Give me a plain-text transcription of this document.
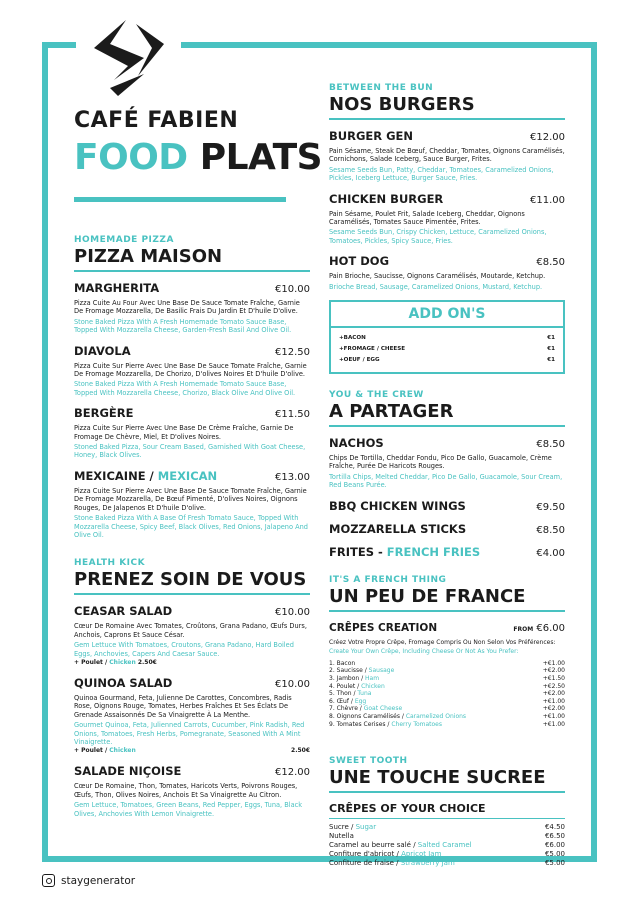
CAFÉ FABIEN
FOOD PLATS
HOMEMADE PIZZA
PIZZA MAISON
MARGHERITA	€10.00
Pizza Cuite Au Four Avec Une Base De Sauce Tomate Fraîche, Garnie De Fromage Mozzarella, De Basilic Frais Du Jardin Et D'huile D'olive.
Stone Baked Pizza With A Fresh Homemade Tomato Sauce Base, Topped With Mozzarella Cheese, Garden-Fresh Basil And Olive Oil.
DIAVOLA	€12.50
Pizza Cuite Sur Pierre Avec Une Base De Sauce Tomate Fraîche, Garnie De Fromage Mozzarella, De Chorizo, D'olives Noires Et D'huile D'olive.
Stone Baked Pizza With A Fresh Homemade Tomato Sauce Base, Topped With Mozzarella Cheese, Chorizo, Black Olive And Olive Oil.
BERGÈRE	€11.50
Pizza Cuite Sur Pierre Avec Une Base De Crème Fraîche, Garnie De Fromage De Chèvre, Miel, Et D'olives Noires.
Stoned Baked Pizza, Sour Cream Based, Garnished With Goat Cheese, Honey, Black Olives.
MEXICAINE / MEXICAN	€13.00
Pizza Cuite Sur Pierre Avec Une Base De Sauce Tomate Fraîche, Garnie De Fromage Mozzarella, De Bœuf Pimenté, D'olives Noires, Oignons Rouges, De Jalapenos Et D'huile D'olive.
Stone Baked Pizza With A Base Of Fresh Tomato Sauce, Topped With Mozzarella Cheese, Spicy Beef, Black Olives, Red Onions, Jalapeno And Olive Oil.
HEALTH KICK
PRENEZ SOIN DE VOUS
CEASAR SALAD	€10.00
Cœur De Romaine Avec Tomates, Croûtons, Grana Padano, Œufs Durs, Anchois, Caprons Et Sauce César.
Gem Lettuce With Tomatoes, Croutons, Grana Padano, Hard Boiled Eggs, Anchovies, Capers And Caesar Sauce.
+ Poulet / Chicken 2.50€
QUINOA SALAD	€10.00
Quinoa Gourmand, Feta, Julienne De Carottes, Concombres, Radis Rose, Oignons Rouge, Tomates, Herbes Fraîches Et Ses Éclats De Grenade Assaisonnés De Sa Vinaigrette À La Menthe.
Gourmet Quinoa, Feta, Julienned Carrots, Cucumber, Pink Radish, Red Onions, Tomatoes, Fresh Herbs, Pomegranate, Seasoned With A Mint Vinaigrette.
+ Poulet / Chicken	2.50€
SALADE NIÇOISE	€12.00
Cœur De Romaine, Thon, Tomates, Haricots Verts, Poivrons Rouges, Œufs, Thon, Olives Noires, Anchois Et Sa Vinaigrette Au Citron.
Gem Lettuce, Tomatoes, Green Beans, Red Pepper, Eggs, Tuna, Black Olives, Anchovies With Lemon Vinaigrette.
BETWEEN THE BUN
NOS BURGERS
BURGER GEN	€12.00
Pain Sésame, Steak De Bœuf, Cheddar, Tomates, Oignons Caramélisés, Cornichons, Salade Iceberg, Sauce Burger, Frites.
Sesame Seeds Bun, Patty, Cheddar, Tomatoes, Caramelized Onions, Pickles, Iceberg Lettuce, Burger Sauce, Fries.
CHICKEN BURGER	€11.00
Pain Sésame, Poulet Frit, Salade Iceberg, Cheddar, Oignons Caramélisés, Tomates Sauce Pimentée, Frites.
Sesame Seeds Bun, Crispy Chicken, Lettuce, Caramelized Onions, Tomatoes, Pickles, Spicy Sauce, Fries.
HOT DOG	€8.50
Pain Brioche, Saucisse, Oignons Caramélisés, Moutarde, Ketchup.
Brioche Bread, Sausage, Caramelized Onions, Mustard, Ketchup.
ADD ON'S
+BACON	€1
+FROMAGE / CHEESE	€1
+OEUF / EGG	€1
YOU & THE CREW
A PARTAGER
NACHOS	€8.50
Chips De Tortilla, Cheddar Fondu, Pico De Gallo, Guacamole, Crème Fraîche, Purée De Haricots Rouges.
Tortilla Chips, Melted Cheddar, Pico De Gallo, Guacamole, Sour Cream, Red Beans Purée.
BBQ CHICKEN WINGS	€9.50
MOZZARELLA STICKS	€8.50
FRITES - FRENCH FRIES	€4.00
IT'S A FRENCH THING
UN PEU DE FRANCE
CRÊPES CREATION	FROM €6.00
Créez Votre Propre Crêpe, Fromage Compris Ou Non Selon Vos Préférences:
Create Your Own Crêpe, Including Cheese Or Not As You Prefer:
1. Bacon	+€1.00
2. Saucisse / Sausage	+€2.00
3. Jambon / Ham	+€1.50
4. Poulet / Chicken	+€2.50
5. Thon / Tuna	+€2.00
6. Œuf / Egg	+€1.00
7. Chèvre / Goat Cheese	+€2.00
8. Oignons Caramélisés / Caramelized Onions	+€1.00
9. Tomates Cerises / Cherry Tomatoes	+€1.00
SWEET TOOTH
UNE TOUCHE SUCREE
CRÊPES OF YOUR CHOICE
Sucre / Sugar	€4.50
Nutella	€6.50
Caramel au beurre salé / Salted Caramel	€6.00
Confiture d'abricot / Apricot Jam	€5.00
Confiture de fraise / Strawberry Jam	€5.00
staygenerator
